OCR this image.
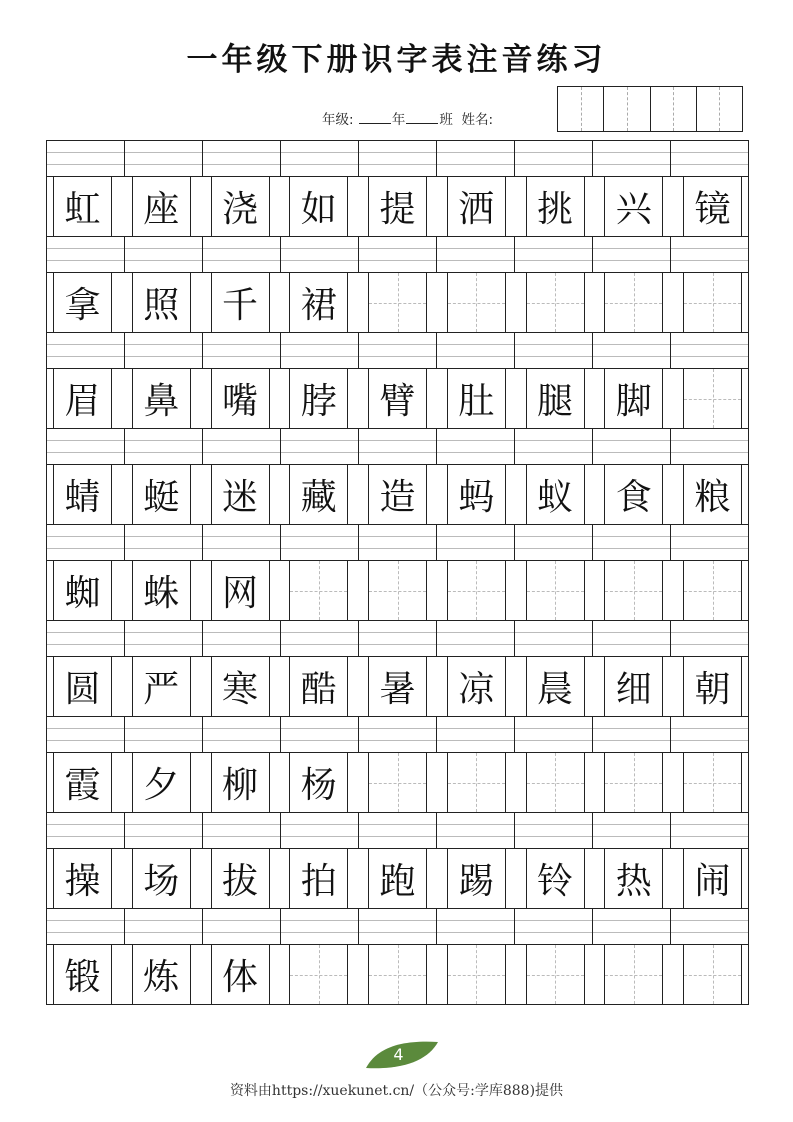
一年级下册识字表注音练习
年级:	年	班 姓名:
虹 座 浇 如 提 洒 挑 兴 镜
拿 照 千 裙
眉 鼻 嘴 脖 臂 肚 腿 脚
蜻 蜓 迷 藏 造 蚂 蚁 食 粮
蜘 蛛 网
圆 严 寒 酷 暑 凉 晨 细 朝
霞 夕 柳 杨
操 场 拔 拍 跑 踢 铃 热 闹
锻 炼 体
4
资料由https://xuekunet.cn/（公众号:学库888)提供
